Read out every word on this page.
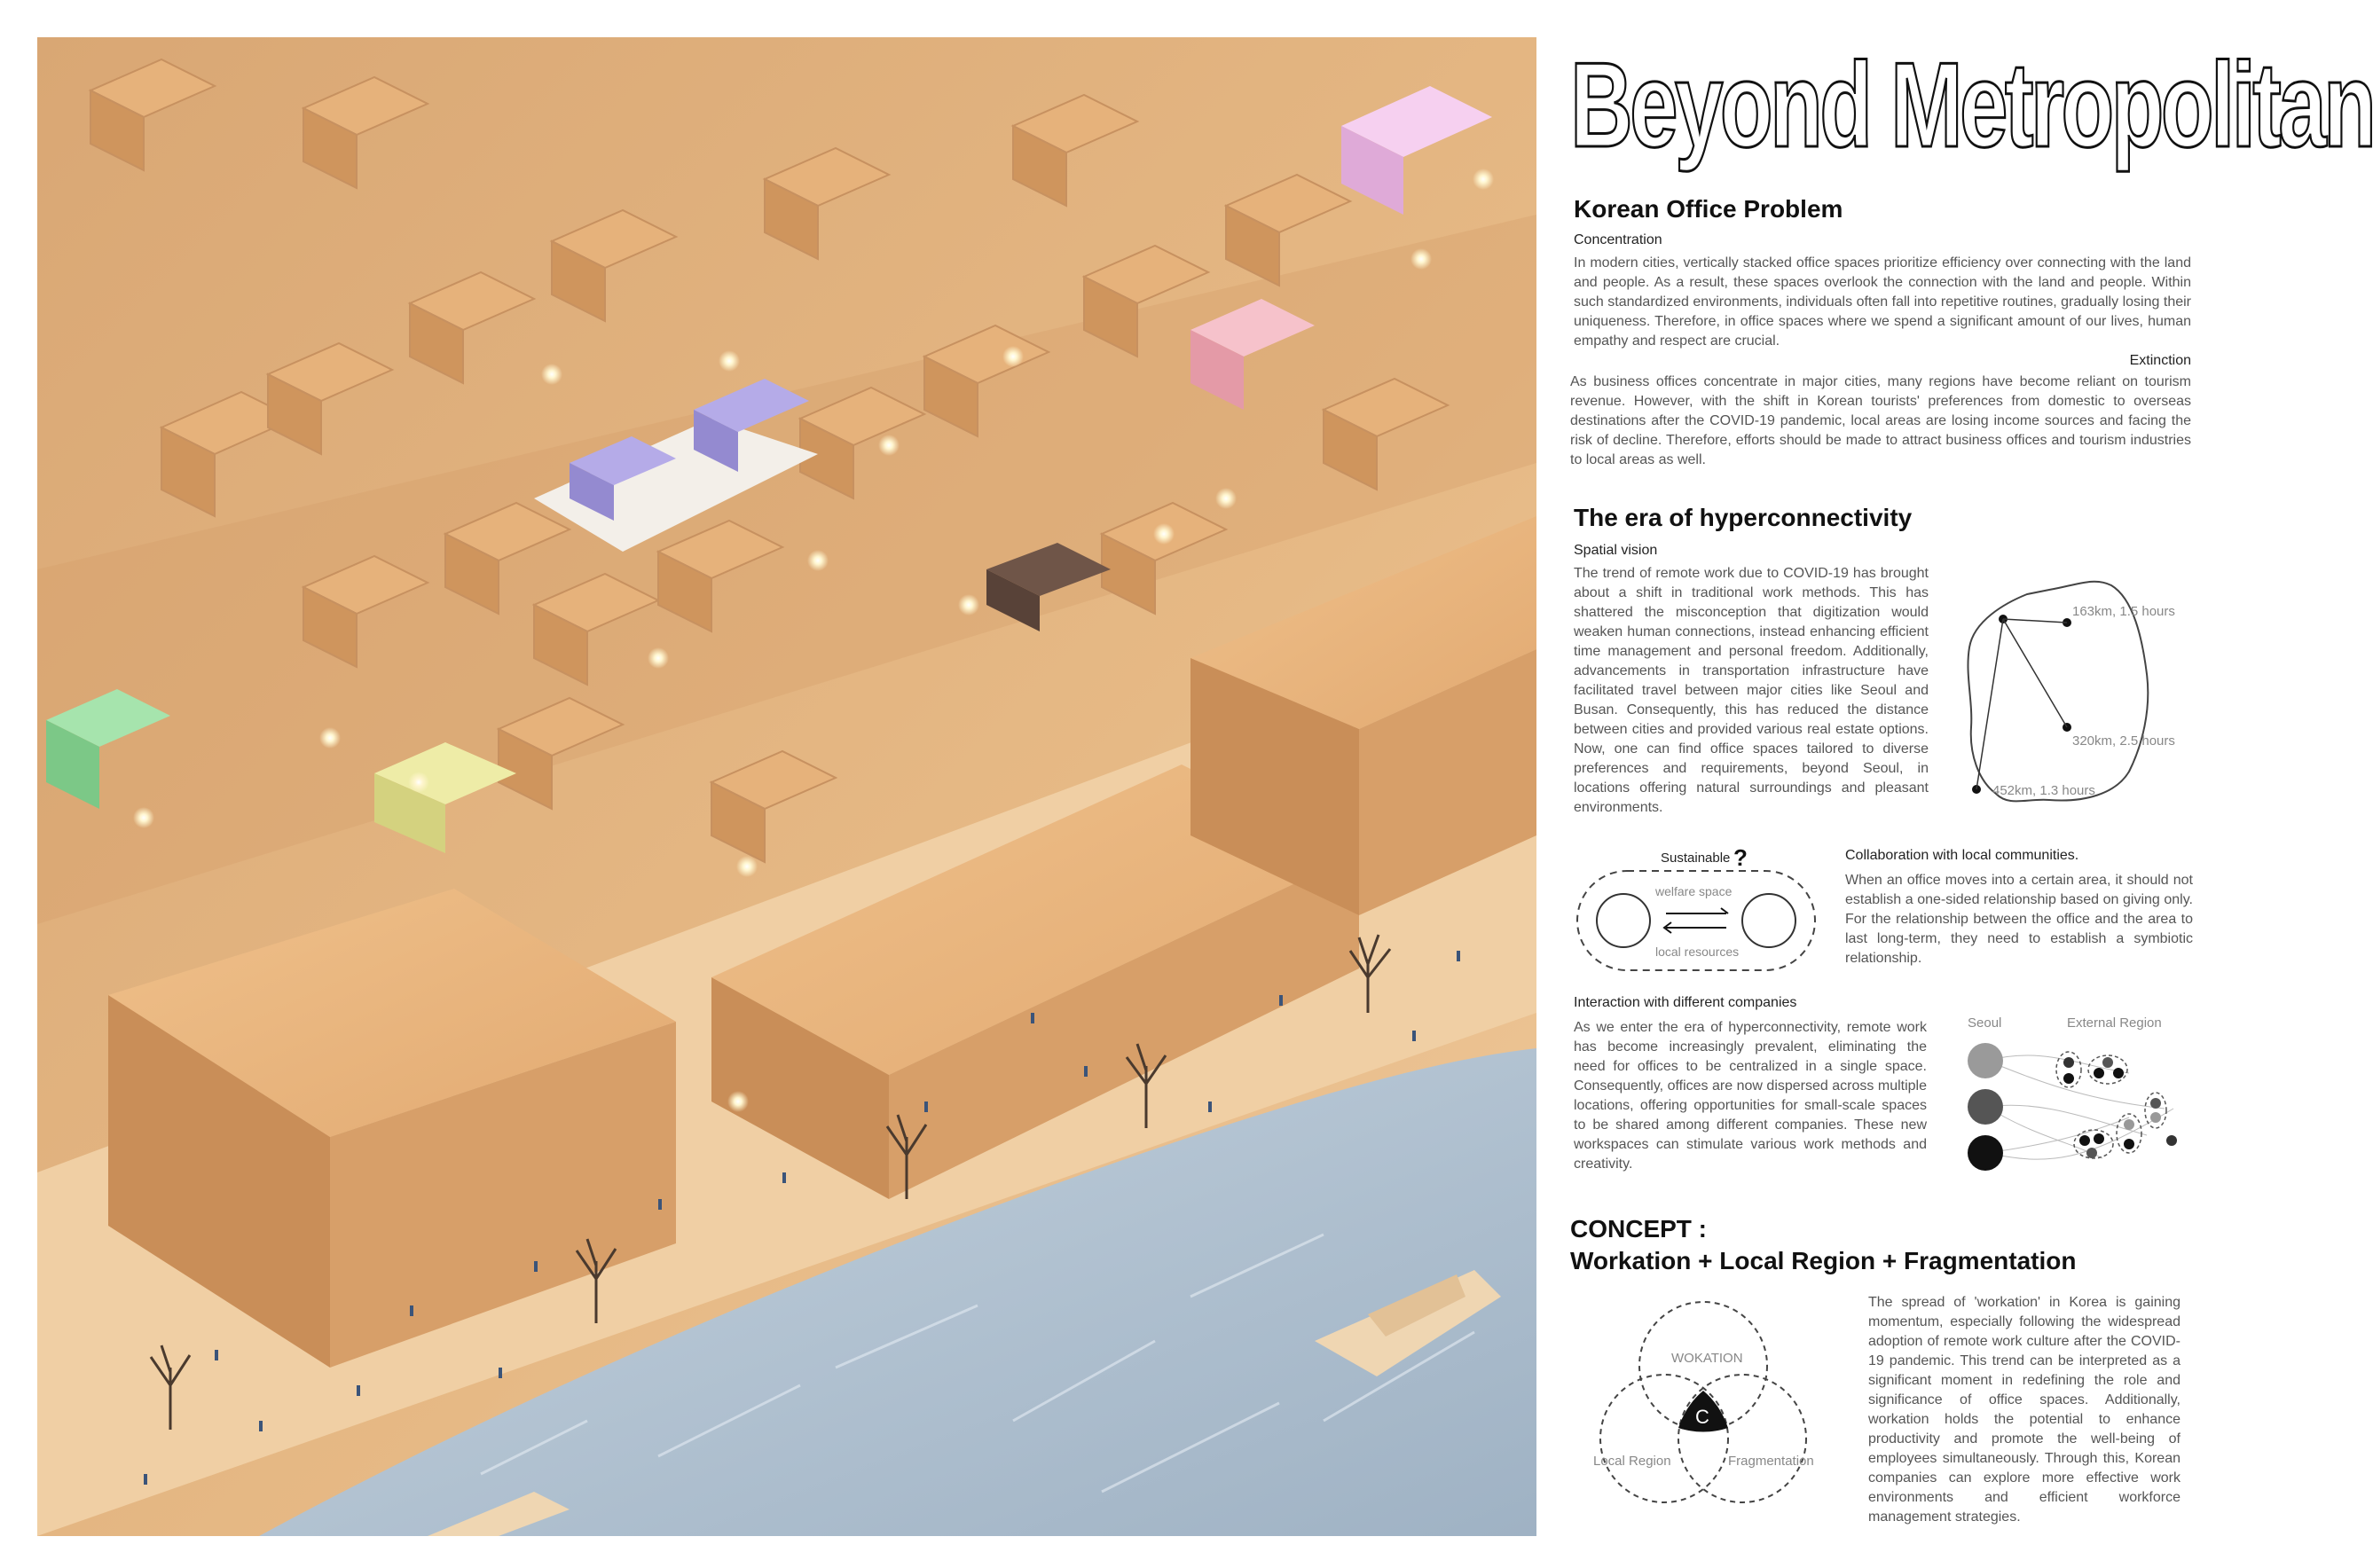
Beyond Metropolitan
Korean Office Problem
Concentration
In modern cities, vertically stacked office spaces prioritize efficiency over connecting with the land and people. As a result, these spaces overlook the connection with the land and people. Within such standardized environments, individuals often fall into repetitive routines, gradually losing their uniqueness. Therefore, in office spaces where we spend a significant amount of our lives, human empathy and respect are crucial.
Extinction
As business offices concentrate in major cities, many regions have become reliant on tourism revenue. However, with the shift in Korean tourists' preferences from domestic to overseas destinations after the COVID-19 pandemic, local areas are losing income sources and facing the risk of decline. Therefore, efforts should be made to attract business offices and tourism industries to local areas as well.
The era of hyperconnectivity
Spatial vision
The trend of remote work due to COVID-19 has brought about a shift in traditional work methods. This has shattered the misconception that digitization would weaken human connections, instead enhancing efficient time management and personal freedom. Additionally, advancements in transportation infrastructure have facilitated travel between major cities like Seoul and Busan. Consequently, this has reduced the distance between cities and provided various real estate options. Now, one can find office spaces tailored to diverse preferences and requirements, beyond Seoul, in locations offering natural surroundings and pleasant environments.
163km, 1.5 hours
320km, 2.5 hours
452km, 1.3 hours
Sustainable ?
welfare space
local resources
Collaboration with local communities.
When an office moves into a certain area, it should not establish a one-sided relationship based on giving only. For the relationship between the office and the area to last long-term, they need to establish a symbiotic relationship.
Interaction with different companies
As we enter the era of hyperconnectivity, remote work has become increasingly prevalent, eliminating the need for offices to be centralized in a single space. Consequently, offices are now dispersed across multiple locations, offering opportunities for small-scale spaces to be shared among different companies. These new workspaces can stimulate various work methods and creativity.
Seoul	External Region
CONCEPT :
Workation + Local Region + Fragmentation
C
WOKATION
Local Region	Fragmentation
The spread of 'workation' in Korea is gaining momentum, especially following the widespread adoption of remote work culture after the COVID-19 pandemic. This trend can be interpreted as a significant moment in redefining the role and significance of office spaces. Additionally, workation holds the potential to enhance productivity and promote the well-being of employees simultaneously. Through this, Korean companies can explore more effective work environments and efficient workforce management strategies.
